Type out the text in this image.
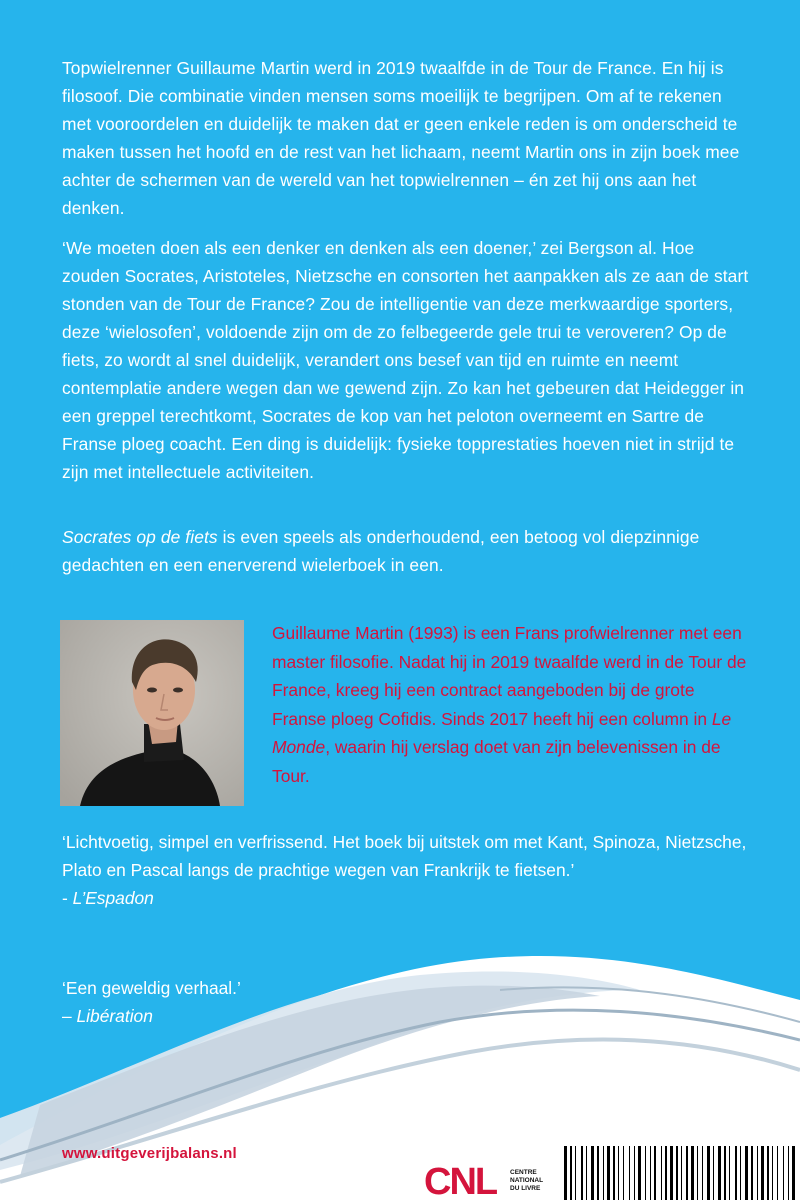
Topwielrenner Guillaume Martin werd in 2019 twaalfde in de Tour de France. En hij is filosoof. Die combinatie vinden mensen soms moeilijk te begrijpen. Om af te rekenen met vooroordelen en duidelijk te maken dat er geen enkele reden is om onderscheid te maken tussen het hoofd en de rest van het lichaam, neemt Martin ons in zijn boek mee achter de schermen van de wereld van het topwielrennen – én zet hij ons aan het denken.

‘We moeten doen als een denker en denken als een doener,’ zei Bergson al. Hoe zouden Socrates, Aristoteles, Nietzsche en consorten het aanpakken als ze aan de start stonden van de Tour de France? Zou de intelligentie van deze merkwaardige sporters, deze ‘wielosofen’, voldoende zijn om de zo felbegeerde gele trui te veroveren? Op de fiets, zo wordt al snel duidelijk, verandert ons besef van tijd en ruimte en neemt contemplatie andere wegen dan we gewend zijn. Zo kan het gebeuren dat Heidegger in een greppel terechtkomt, Socrates de kop van het peloton overneemt en Sartre de Franse ploeg coacht. Een ding is duidelijk: fysieke topprestaties hoeven niet in strijd te zijn met intellectuele activiteiten.

Socrates op de fiets is even speels als onderhoudend, een betoog vol diepzinnige gedachten en een enerverend wielerboek in een.

Guillaume Martin (1993) is een Frans profwielrenner met een master filosofie. Nadat hij in 2019 twaalfde werd in de Tour de France, kreeg hij een contract aangeboden bij de grote Franse ploeg Cofidis. Sinds 2017 heeft hij een column in Le Monde, waarin hij verslag doet van zijn belevenissen in de Tour.

‘Lichtvoetig, simpel en verfrissend. Het boek bij uitstek om met Kant, Spinoza, Nietzsche, Plato en Pascal langs de prachtige wegen van Frankrijk te fietsen.’
- L’Espadon

‘Een geweldig verhaal.’
– Libération

www.uitgeverijbalans.nl
CNL CENTRE
NATIONAL
DU LIVRE
